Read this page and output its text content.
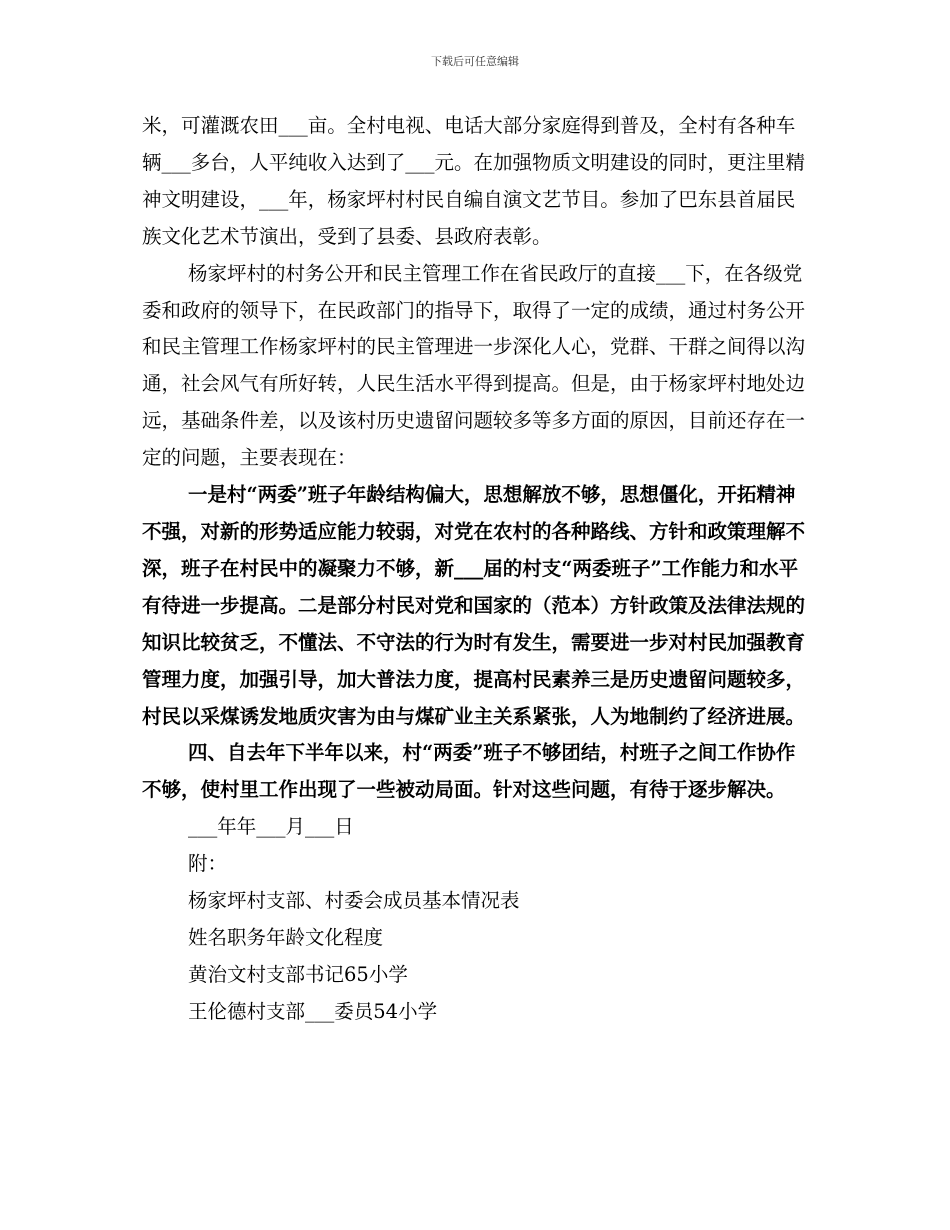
下载后可任意编辑

米，可灌溉农田___亩。全村电视、电话大部分家庭得到普及，全村有各种车辆___多台，人平纯收入达到了___元。在加强物质文明建设的同时，更注里精神文明建设，___年，杨家坪村村民自编自演文艺节目。参加了巴东县首届民族文化艺术节演出，受到了县委、县政府表彰。

杨家坪村的村务公开和民主管理工作在省民政厅的直接___下，在各级党委和政府的领导下，在民政部门的指导下，取得了一定的成绩，通过村务公开和民主管理工作杨家坪村的民主管理进一步深化人心，党群、干群之间得以沟通，社会风气有所好转，人民生活水平得到提高。但是，由于杨家坪村地处边远，基础条件差，以及该村历史遗留问题较多等多方面的原因，目前还存在一定的问题，主要表现在：

一是村“两委”班子年龄结构偏大，思想解放不够，思想僵化，开拓精神不强，对新的形势适应能力较弱，对党在农村的各种路线、方针和政策理解不深，班子在村民中的凝聚力不够，新___届的村支“两委班子”工作能力和水平有待进一步提高。二是部分村民对党和国家的（范本）方针政策及法律法规的知识比较贫乏，不懂法、不守法的行为时有发生，需要进一步对村民加强教育管理力度，加强引导，加大普法力度，提高村民素养三是历史遗留问题较多，村民以采煤诱发地质灾害为由与煤矿业主关系紧张，人为地制约了经济进展。

四、自去年下半年以来，村“两委”班子不够团结，村班子之间工作协作不够，使村里工作出现了一些被动局面。针对这些问题，有待于逐步解决。

___年年___月___日

附：

杨家坪村支部、村委会成员基本情况表

姓名职务年龄文化程度

黄治文村支部书记65小学

王伦德村支部___委员54小学
